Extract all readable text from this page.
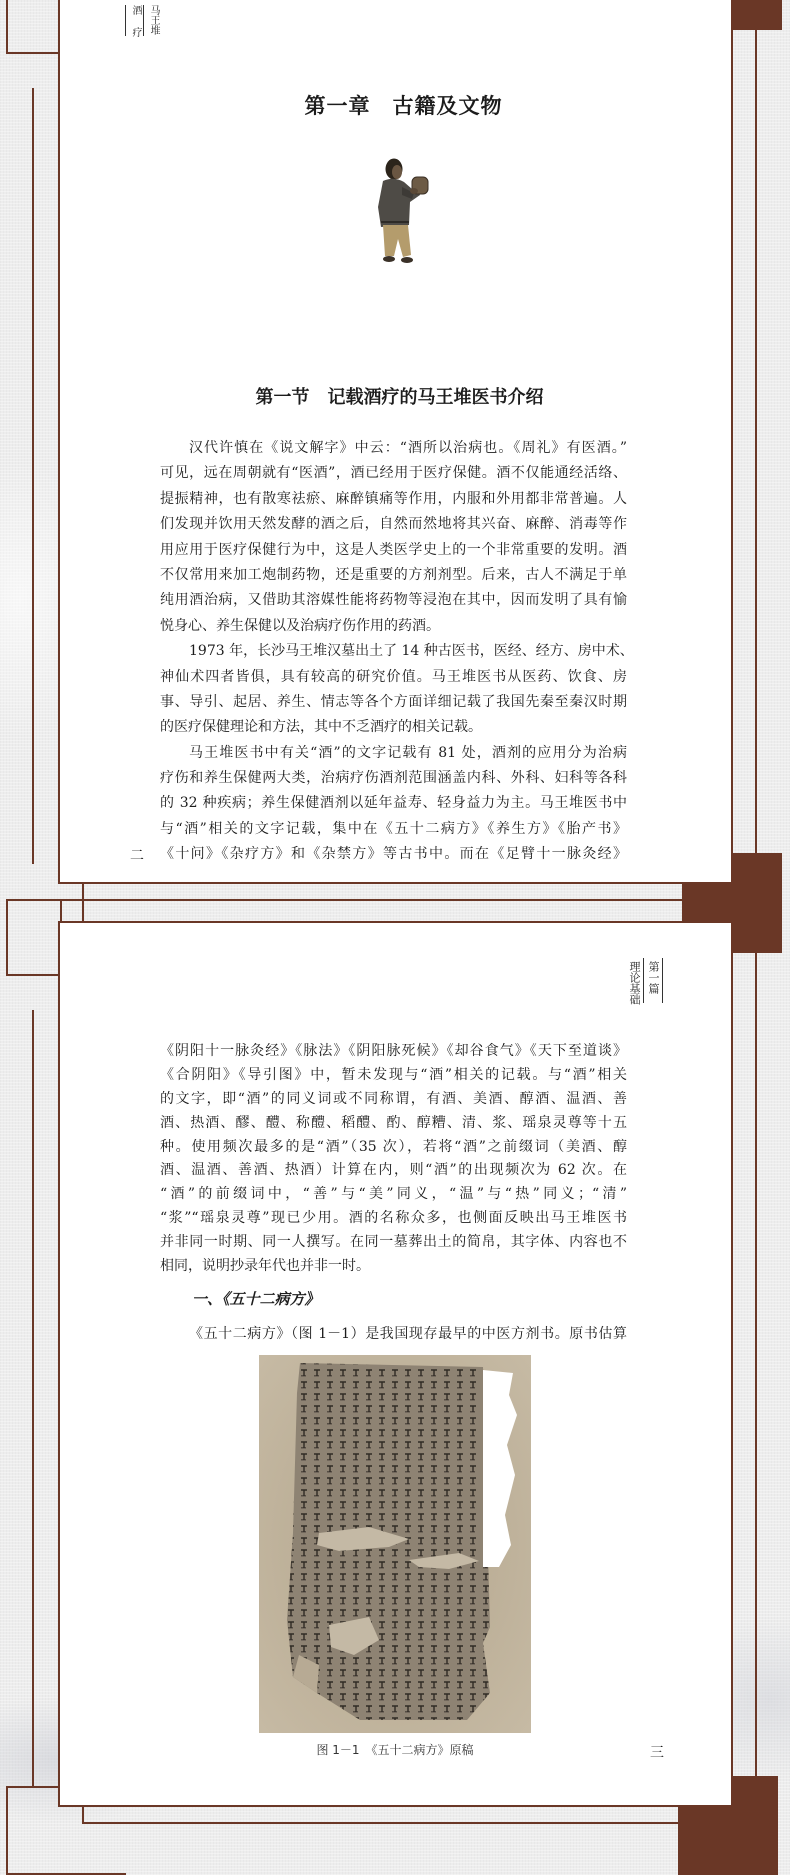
酒疗 马王堆
第一章　古籍及文物
第一节　记载酒疗的马王堆医书介绍
汉代许慎在《说文解字》中云：“酒所以治病也。《周礼》有医酒。”
可见，远在周朝就有“医酒”，酒已经用于医疗保健。酒不仅能通经活络、
提振精神，也有散寒祛瘀、麻醉镇痛等作用，内服和外用都非常普遍。人
们发现并饮用天然发酵的酒之后，自然而然地将其兴奋、麻醉、消毒等作
用应用于医疗保健行为中，这是人类医学史上的一个非常重要的发明。酒
不仅常用来加工炮制药物，还是重要的方剂剂型。后来，古人不满足于单
纯用酒治病，又借助其溶媒性能将药物等浸泡在其中，因而发明了具有愉
悦身心、养生保健以及治病疗伤作用的药酒。
1973 年，长沙马王堆汉墓出土了 14 种古医书，医经、经方、房中术、
神仙术四者皆俱，具有较高的研究价值。马王堆医书从医药、饮食、房
事、导引、起居、养生、情志等各个方面详细记载了我国先秦至秦汉时期
的医疗保健理论和方法，其中不乏酒疗的相关记载。
马王堆医书中有关“酒”的文字记载有 81 处，酒剂的应用分为治病
疗伤和养生保健两大类，治病疗伤酒剂范围涵盖内科、外科、妇科等各科
的 32 种疾病；养生保健酒剂以延年益寿、轻身益力为主。马王堆医书中
与“酒”相关的文字记载，集中在《五十二病方》《养生方》《胎产书》
《十问》《杂疗方》和《杂禁方》等古书中。而在《足臂十一脉灸经》
二
理论基础 第一篇
《阴阳十一脉灸经》《脉法》《阴阳脉死候》《却谷食气》《天下至道谈》
《合阴阳》《导引图》中，暂未发现与“酒”相关的记载。与“酒”相关
的文字，即“酒”的同义词或不同称谓，有酒、美酒、醇酒、温酒、善
酒、热酒、醪、醴、称醴、稻醴、酌、醇糟、清、浆、瑶泉灵尊等十五
种。使用频次最多的是“酒”（35 次），若将“酒”之前缀词（美酒、醇
酒、温酒、善酒、热酒）计算在内，则“酒”的出现频次为 62 次。在
“酒”的前缀词中，“善”与“美”同义，“温”与“热”同义；“清”
“浆”“瑶泉灵尊”现已少用。酒的名称众多，也侧面反映出马王堆医书
并非同一时期、同一人撰写。在同一墓葬出土的简帛，其字体、内容也不
相同，说明抄录年代也并非一时。
一、《五十二病方》
《五十二病方》（图 1－1）是我国现存最早的中医方剂书。原书估算
图 1－1　《五十二病方》原稿	三
